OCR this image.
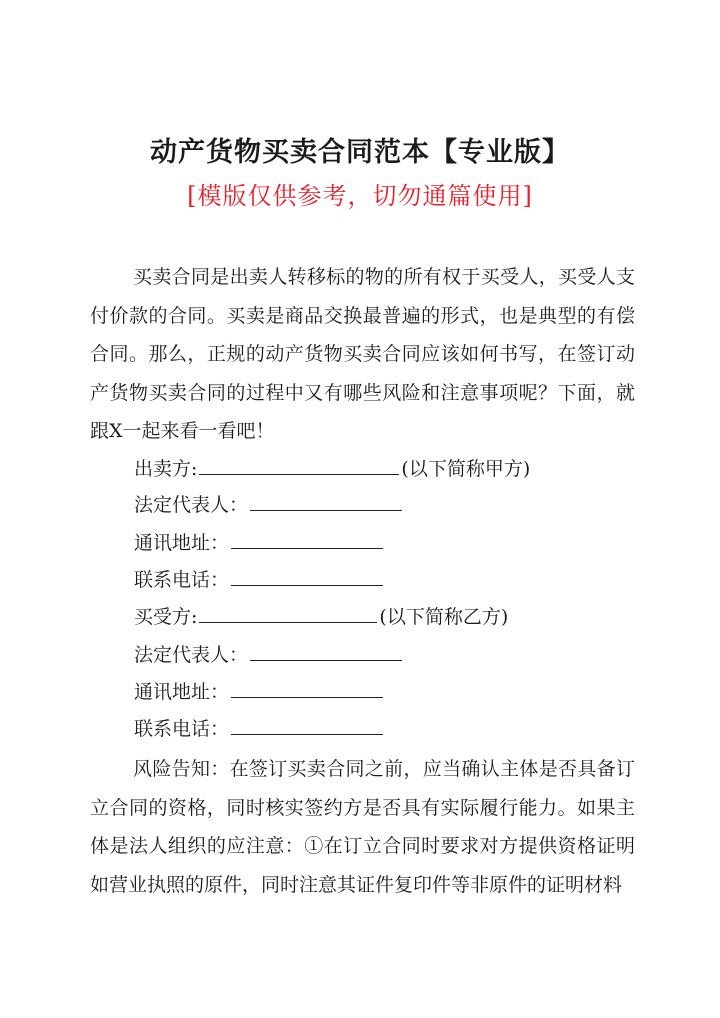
动产货物买卖合同范本【专业版】
[模版仅供参考，切勿通篇使用]

买卖合同是出卖人转移标的物的所有权于买受人，买受人支付价款的合同。买卖是商品交换最普遍的形式，也是典型的有偿合同。那么，正规的动产货物买卖合同应该如何书写，在签订动产货物买卖合同的过程中又有哪些风险和注意事项呢？下面，就跟X一起来看一看吧！

出卖方:	(以下简称甲方)
法定代表人：
通讯地址：
联系电话：
买受方:	(以下简称乙方)
法定代表人：
通讯地址：
联系电话：

风险告知：在签订买卖合同之前，应当确认主体是否具备订立合同的资格，同时核实签约方是否具有实际履行能力。如果主体是法人组织的应注意：①在订立合同时要求对方提供资格证明如营业执照的原件，同时注意其证件复印件等非原件的证明材料
